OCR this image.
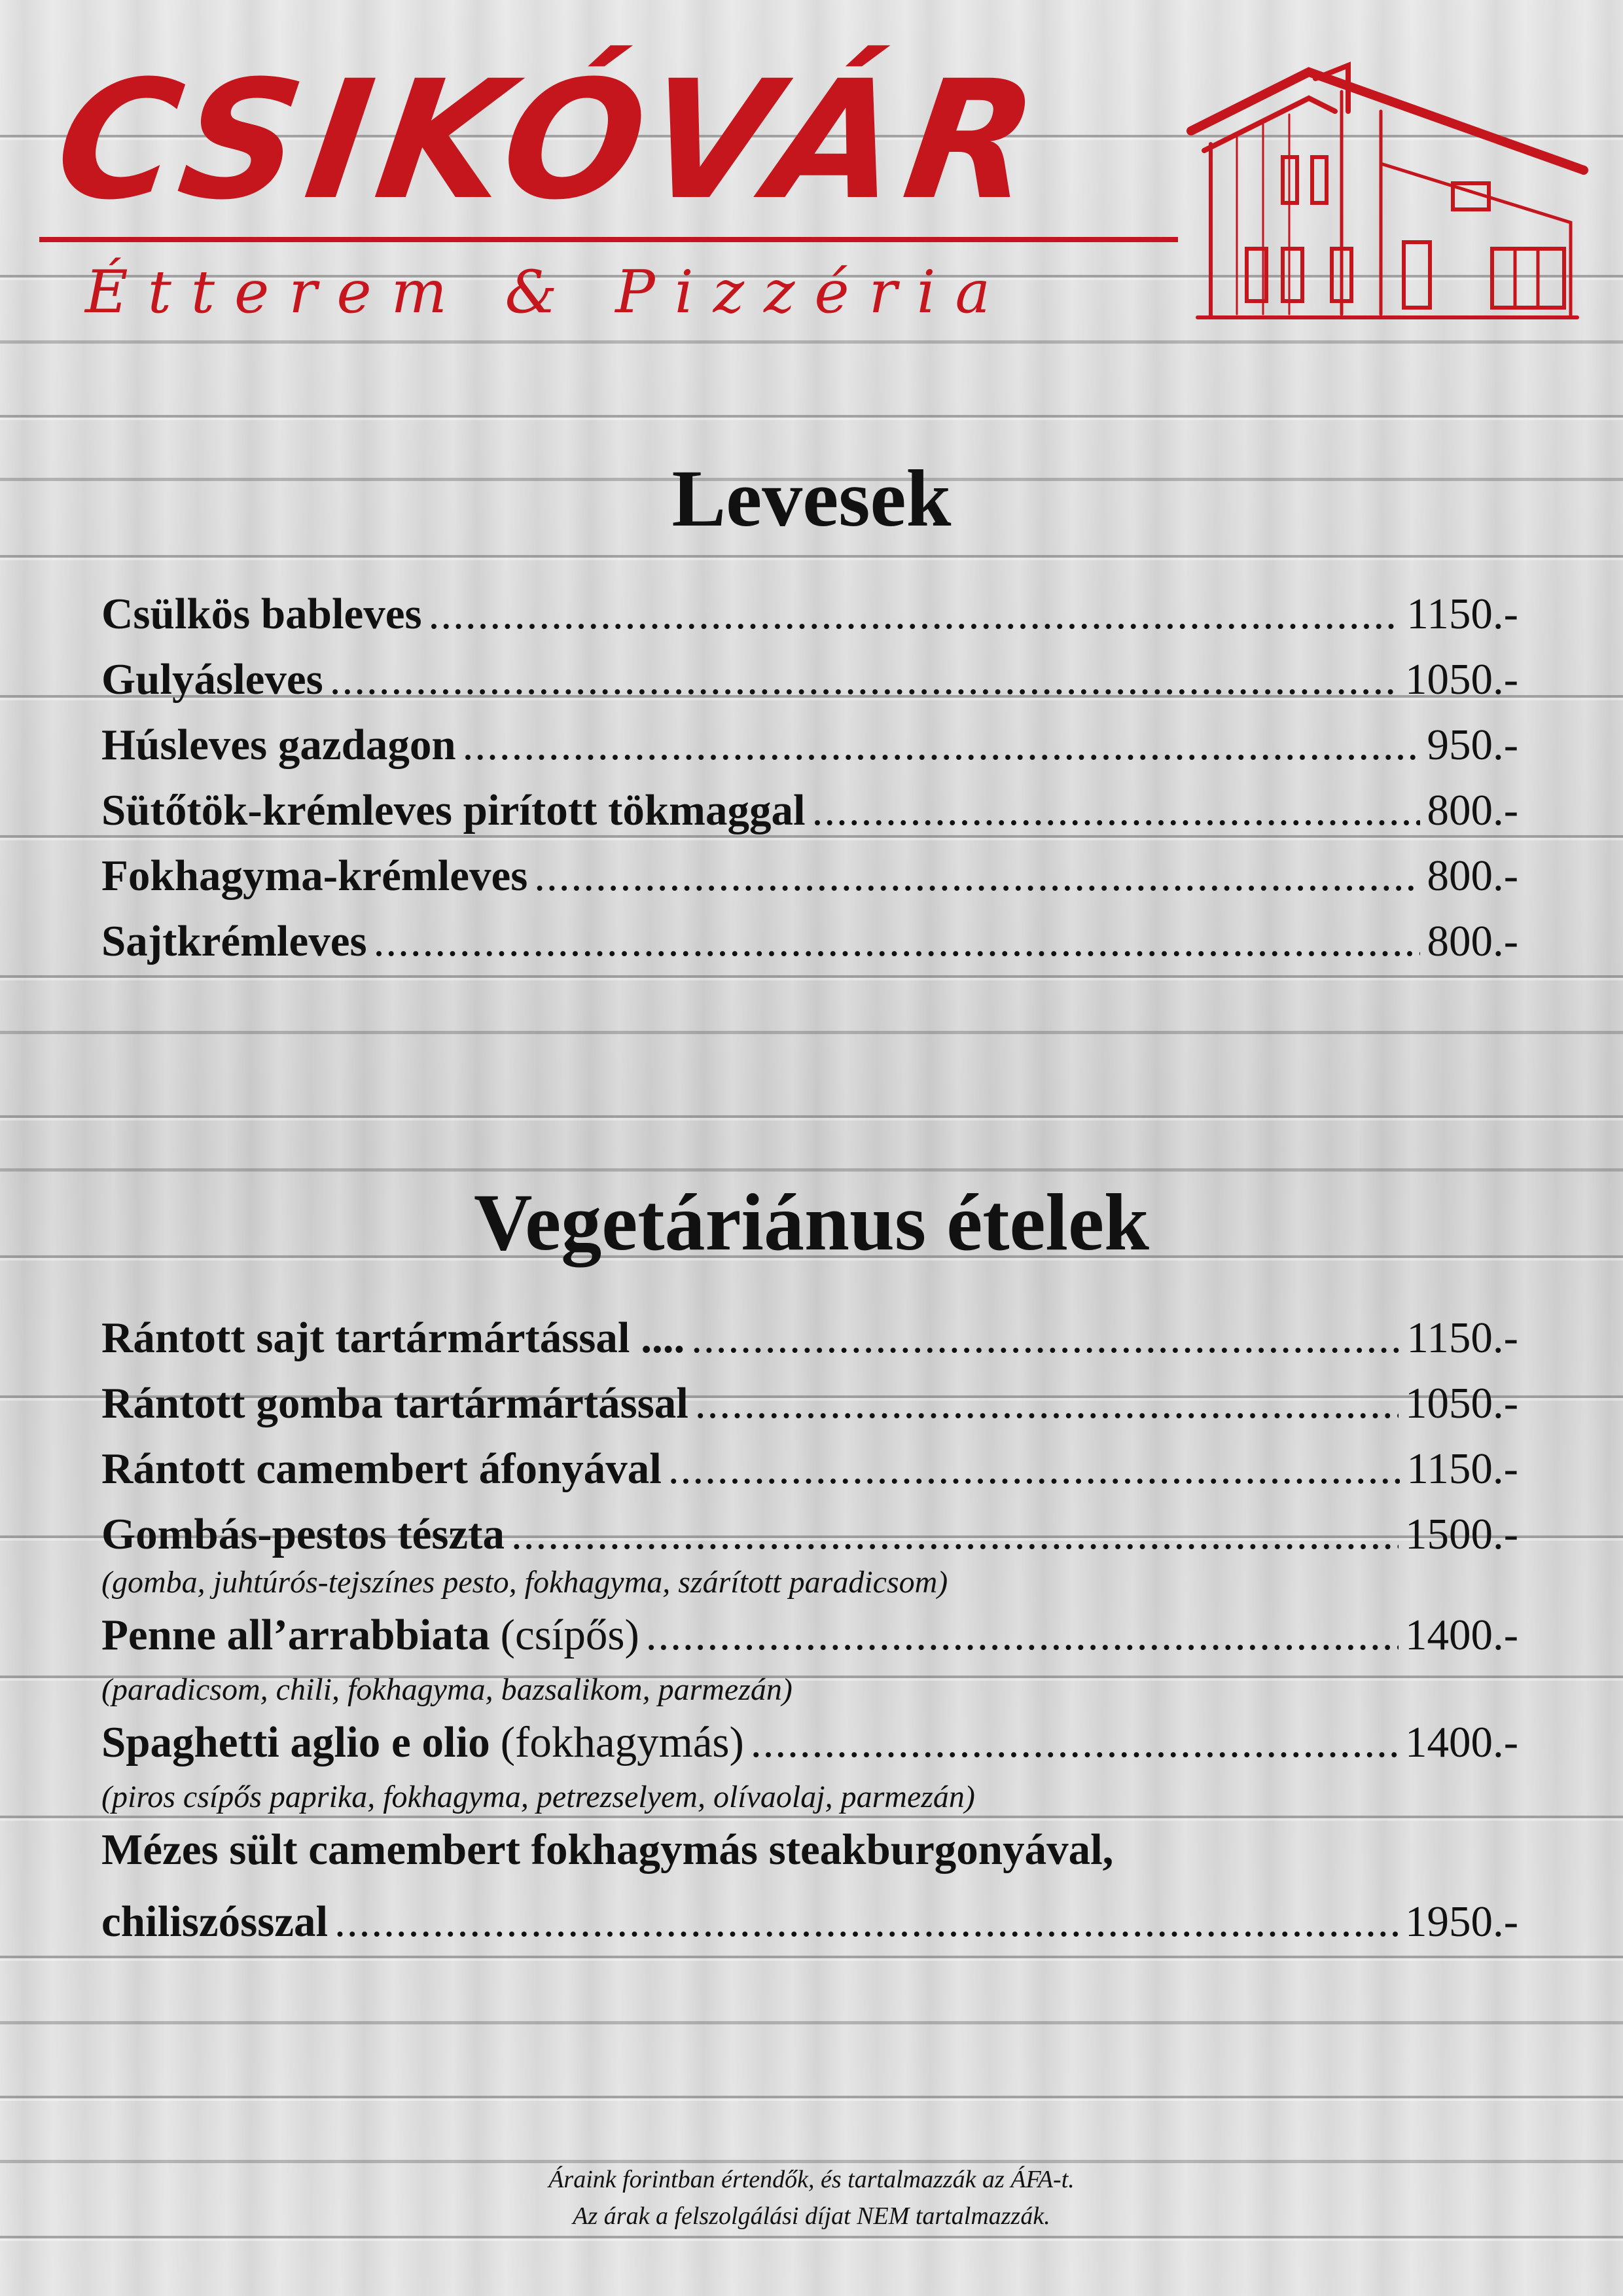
CSIKÓVÁR
Étterem & Pizzéria
Levesek
Csülkös bableves .....	1150.-
Gulyásleves .....	1050.-
Húsleves gazdagon .....	950.-
Sütőtök-krémleves pirított tökmaggal .....	800.-
Fokhagyma-krémleves .....	800.-
Sajtkrémleves .....	800.-
Vegetáriánus ételek
Rántott sajt tartármártással .... .....	1150.-
Rántott gomba tartármártással .....	1050.-
Rántott camembert áfonyával .....	1150.-
Gombás-pestos tészta .....	1500.-
(gomba, juhtúrós-tejszínes pesto, fokhagyma, szárított paradicsom)
Penne all’arrabbiata (csípős) .....	1400.-
(paradicsom, chili, fokhagyma, bazsalikom, parmezán)
Spaghetti aglio e olio (fokhagymás) .....	1400.-
(piros csípős paprika, fokhagyma, petrezselyem, olívaolaj, parmezán)
Mézes sült camembert fokhagymás steakburgonyával,
chiliszósszal .....	1950.-
Áraink forintban értendők, és tartalmazzák az ÁFA-t.
Az árak a felszolgálási díjat NEM tartalmazzák.
